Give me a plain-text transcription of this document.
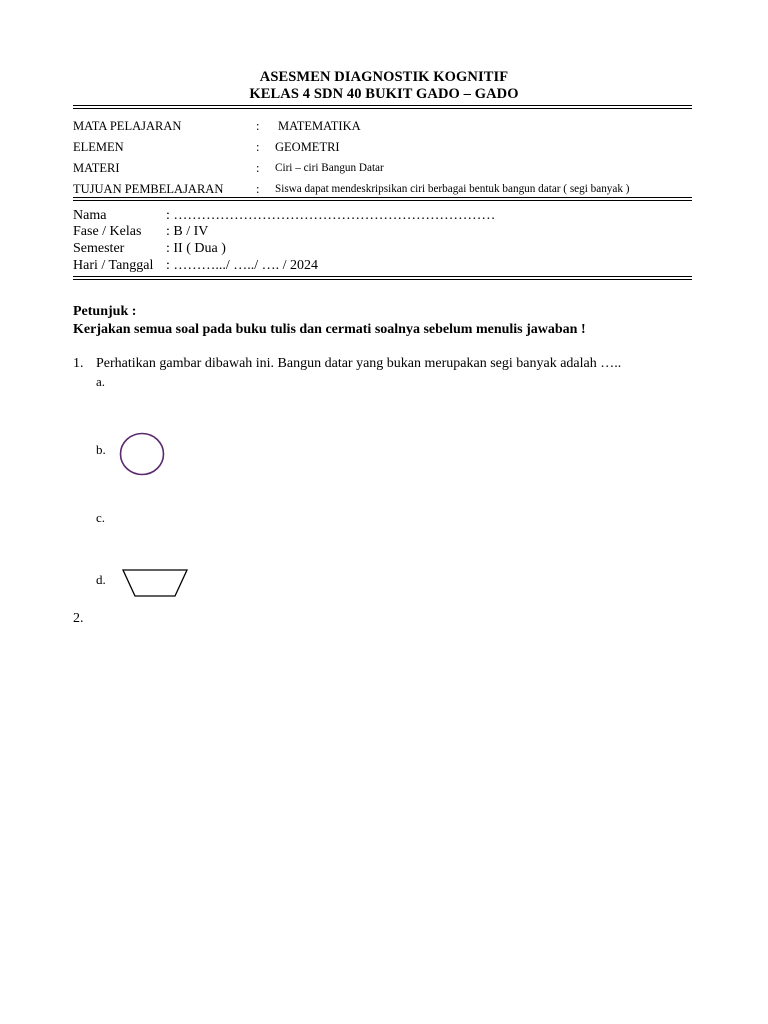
ASESMEN DIAGNOSTIK KOGNITIF
KELAS 4 SDN 40 BUKIT GADO – GADO
MATA PELAJARAN	: MATEMATIKA
ELEMEN	: GEOMETRI
MATERI	: Ciri – ciri Bangun Datar
TUJUAN PEMBELAJARAN	: Siswa dapat mendeskripsikan ciri berbagai bentuk bangun datar ( segi banyak )
Nama	: ……………………………………………………………
Fase / Kelas : B / IV
Semester	: II ( Dua )
Hari / Tanggal : ……….../ …../ …. / 2024
Petunjuk :
Kerjakan semua soal pada buku tulis dan cermati soalnya sebelum menulis jawaban !
1. Perhatikan gambar dibawah ini. Bangun datar yang bukan merupakan segi banyak adalah …..
a.
b.
c.
d.
2.
